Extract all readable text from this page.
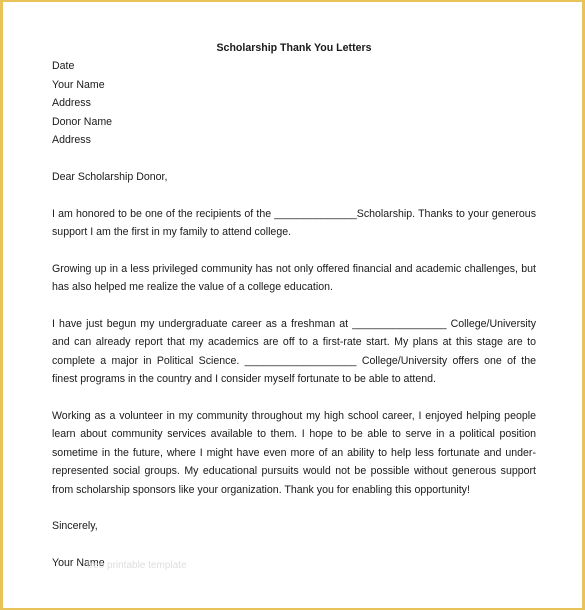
Scholarship Thank You Letters

Date
Your Name
Address
Donor Name
Address
Dear Scholarship Donor,

I am honored to be one of the recipients of the ______________Scholarship. Thanks to your generous support I am the first in my family to attend college.

Growing up in a less privileged community has not only offered financial and academic challenges, but has also helped me realize the value of a college education.

I have just begun my undergraduate career as a freshman at ________________ College/University and can already report that my academics are off to a first-rate start. My plans at this stage are to complete a major in Political Science. ___________________ College/University offers one of the finest programs in the country and I consider myself fortunate to be able to attend.

Working as a volunteer in my community throughout my high school career, I enjoyed helping people learn about community services available to them. I hope to be able to serve in a political position sometime in the future, where I might have even more of an ability to help less fortunate and under-represented social groups. My educational pursuits would not be possible without generous support from scholarship sponsors like your organization. Thank you for enabling this opportunity!

Sincerely,
Your Name
free printable template
